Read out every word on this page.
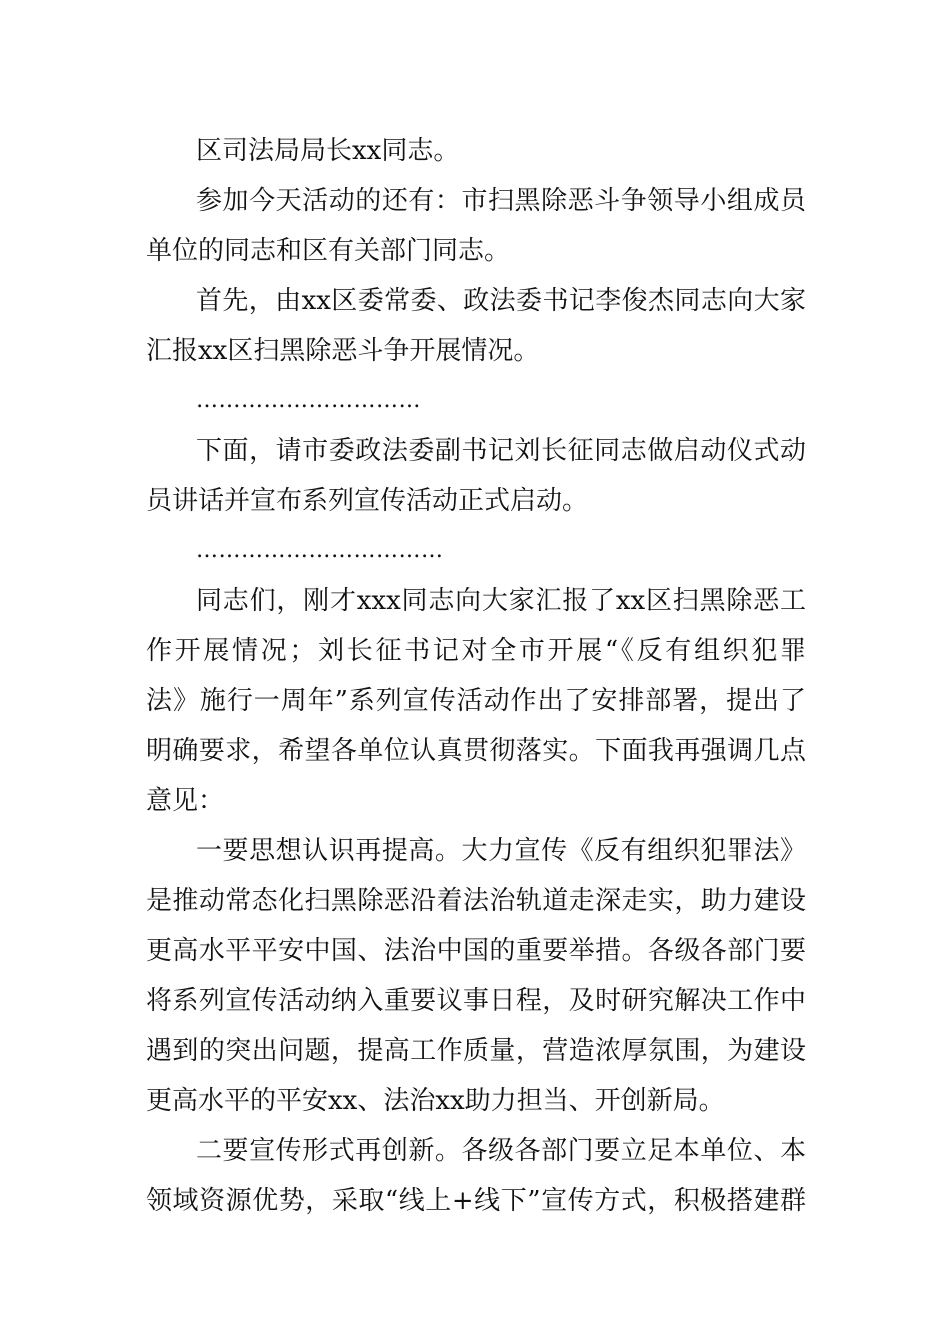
区司法局局长xx同志。
参加今天活动的还有：市扫黑除恶斗争领导小组成员
单位的同志和区有关部门同志。
首先，由xx区委常委、政法委书记李俊杰同志向大家
汇报xx区扫黑除恶斗争开展情况。
…………………………
下面，请市委政法委副书记刘长征同志做启动仪式动
员讲话并宣布系列宣传活动正式启动。
……………………………
同志们，刚才xxx同志向大家汇报了xx区扫黑除恶工
作开展情况；刘长征书记对全市开展“《反有组织犯罪
法》施行一周年”系列宣传活动作出了安排部署，提出了
明确要求，希望各单位认真贯彻落实。下面我再强调几点
意见：
一要思想认识再提高。大力宣传《反有组织犯罪法》
是推动常态化扫黑除恶沿着法治轨道走深走实，助力建设
更高水平平安中国、法治中国的重要举措。各级各部门要
将系列宣传活动纳入重要议事日程，及时研究解决工作中
遇到的突出问题，提高工作质量，营造浓厚氛围，为建设
更高水平的平安xx、法治xx助力担当、开创新局。
二要宣传形式再创新。各级各部门要立足本单位、本
领域资源优势，采取“线上+线下”宣传方式，积极搭建群
